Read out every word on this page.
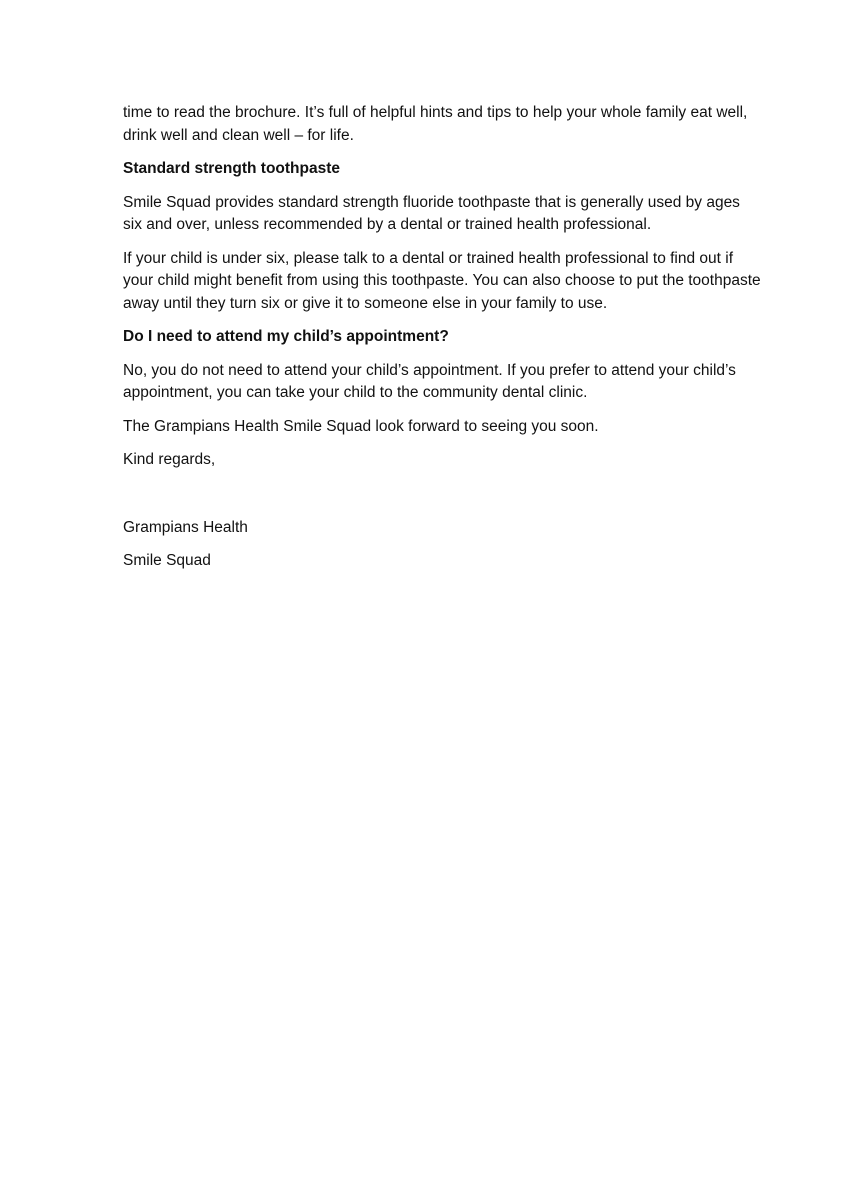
time to read the brochure. It’s full of helpful hints and tips to help your whole family eat well, drink well and clean well – for life.

Standard strength toothpaste

Smile Squad provides standard strength fluoride toothpaste that is generally used by ages six and over, unless recommended by a dental or trained health professional.

If your child is under six, please talk to a dental or trained health professional to find out if your child might benefit from using this toothpaste. You can also choose to put the toothpaste away until they turn six or give it to someone else in your family to use.

Do I need to attend my child’s appointment?

No, you do not need to attend your child’s appointment. If you prefer to attend your child’s appointment, you can take your child to the community dental clinic.

The Grampians Health Smile Squad look forward to seeing you soon.

Kind regards,

Grampians Health

Smile Squad
